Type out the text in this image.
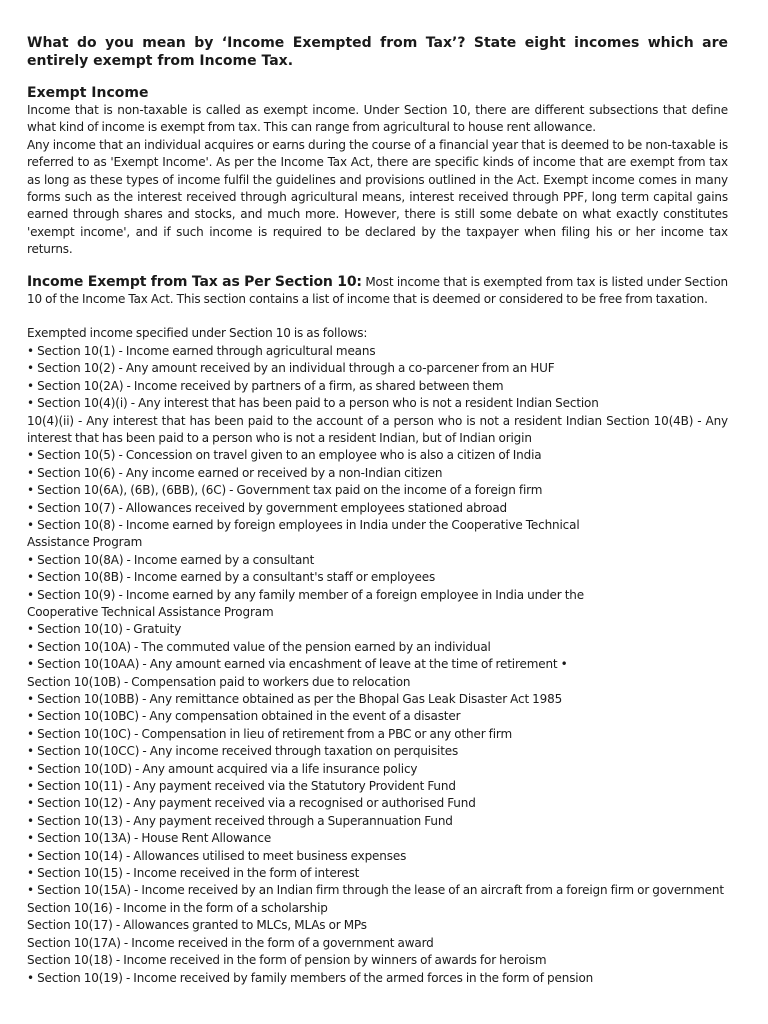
What do you mean by ‘Income Exempted from Tax’? State eight incomes which are entirely exempt from Income Tax.

Exempt Income

Income that is non-taxable is called as exempt income. Under Section 10, there are different subsections that define what kind of income is exempt from tax. This can range from agricultural to house rent allowance.

Any income that an individual acquires or earns during the course of a financial year that is deemed to be non-taxable is referred to as 'Exempt Income'. As per the Income Tax Act, there are specific kinds of income that are exempt from tax as long as these types of income fulfil the guidelines and provisions outlined in the Act. Exempt income comes in many forms such as the interest received through agricultural means, interest received through PPF, long term capital gains earned through shares and stocks, and much more. However, there is still some debate on what exactly constitutes 'exempt income', and if such income is required to be declared by the taxpayer when filing his or her income tax returns.

Income Exempt from Tax as Per Section 10: Most income that is exempted from tax is listed under Section 10 of the Income Tax Act. This section contains a list of income that is deemed or considered to be free from taxation.

Exempted income specified under Section 10 is as follows:

• Section 10(1) - Income earned through agricultural means

• Section 10(2) - Any amount received by an individual through a co-parcener from an HUF

• Section 10(2A) - Income received by partners of a firm, as shared between them

• Section 10(4)(i) - Any interest that has been paid to a person who is not a resident Indian Section

10(4)(ii) - Any interest that has been paid to the account of a person who is not a resident Indian Section 10(4B) - Any interest that has been paid to a person who is not a resident Indian, but of Indian origin

• Section 10(5) - Concession on travel given to an employee who is also a citizen of India

• Section 10(6) - Any income earned or received by a non-Indian citizen

• Section 10(6A), (6B), (6BB), (6C) - Government tax paid on the income of a foreign firm

• Section 10(7) - Allowances received by government employees stationed abroad

• Section 10(8) - Income earned by foreign employees in India under the Cooperative Technical

Assistance Program

• Section 10(8A) - Income earned by a consultant

• Section 10(8B) - Income earned by a consultant's staff or employees

• Section 10(9) - Income earned by any family member of a foreign employee in India under the

Cooperative Technical Assistance Program

• Section 10(10) - Gratuity

• Section 10(10A) - The commuted value of the pension earned by an individual

• Section 10(10AA) - Any amount earned via encashment of leave at the time of retirement •

Section 10(10B) - Compensation paid to workers due to relocation

• Section 10(10BB) - Any remittance obtained as per the Bhopal Gas Leak Disaster Act 1985

• Section 10(10BC) - Any compensation obtained in the event of a disaster

• Section 10(10C) - Compensation in lieu of retirement from a PBC or any other firm

• Section 10(10CC) - Any income received through taxation on perquisites

• Section 10(10D) - Any amount acquired via a life insurance policy

• Section 10(11) - Any payment received via the Statutory Provident Fund

• Section 10(12) - Any payment received via a recognised or authorised Fund

• Section 10(13) - Any payment received through a Superannuation Fund

• Section 10(13A) - House Rent Allowance

• Section 10(14) - Allowances utilised to meet business expenses

• Section 10(15) - Income received in the form of interest

• Section 10(15A) - Income received by an Indian firm through the lease of an aircraft from a foreign firm or government

Section 10(16) - Income in the form of a scholarship

Section 10(17) - Allowances granted to MLCs, MLAs or MPs

Section 10(17A) - Income received in the form of a government award

Section 10(18) - Income received in the form of pension by winners of awards for heroism

• Section 10(19) - Income received by family members of the armed forces in the form of pension
